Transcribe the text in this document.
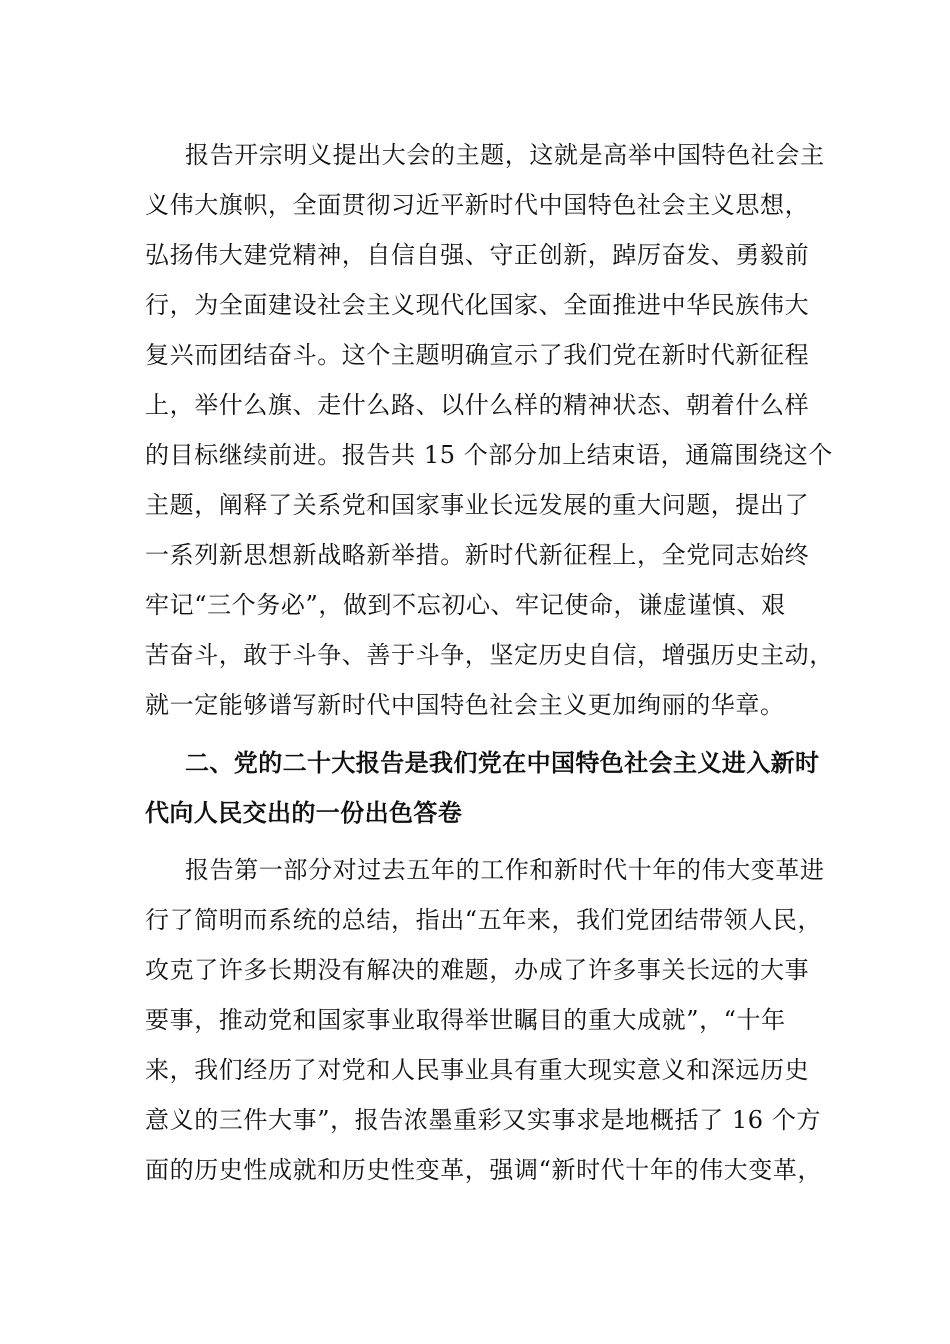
报告开宗明义提出大会的主题，这就是高举中国特色社会主
义伟大旗帜，全面贯彻习近平新时代中国特色社会主义思想，
弘扬伟大建党精神，自信自强、守正创新，踔厉奋发、勇毅前
行，为全面建设社会主义现代化国家、全面推进中华民族伟大
复兴而团结奋斗。这个主题明确宣示了我们党在新时代新征程
上，举什么旗、走什么路、以什么样的精神状态、朝着什么样
的目标继续前进。报告共 15 个部分加上结束语，通篇围绕这个
主题，阐释了关系党和国家事业长远发展的重大问题，提出了
一系列新思想新战略新举措。新时代新征程上，全党同志始终
牢记“三个务必”，做到不忘初心、牢记使命，谦虚谨慎、艰
苦奋斗，敢于斗争、善于斗争，坚定历史自信，增强历史主动，
就一定能够谱写新时代中国特色社会主义更加绚丽的华章。
二、党的二十大报告是我们党在中国特色社会主义进入新时
代向人民交出的一份出色答卷
报告第一部分对过去五年的工作和新时代十年的伟大变革进
行了简明而系统的总结，指出“五年来，我们党团结带领人民，
攻克了许多长期没有解决的难题，办成了许多事关长远的大事
要事，推动党和国家事业取得举世瞩目的重大成就”，“十年
来，我们经历了对党和人民事业具有重大现实意义和深远历史
意义的三件大事”，报告浓墨重彩又实事求是地概括了 16 个方
面的历史性成就和历史性变革，强调“新时代十年的伟大变革，
